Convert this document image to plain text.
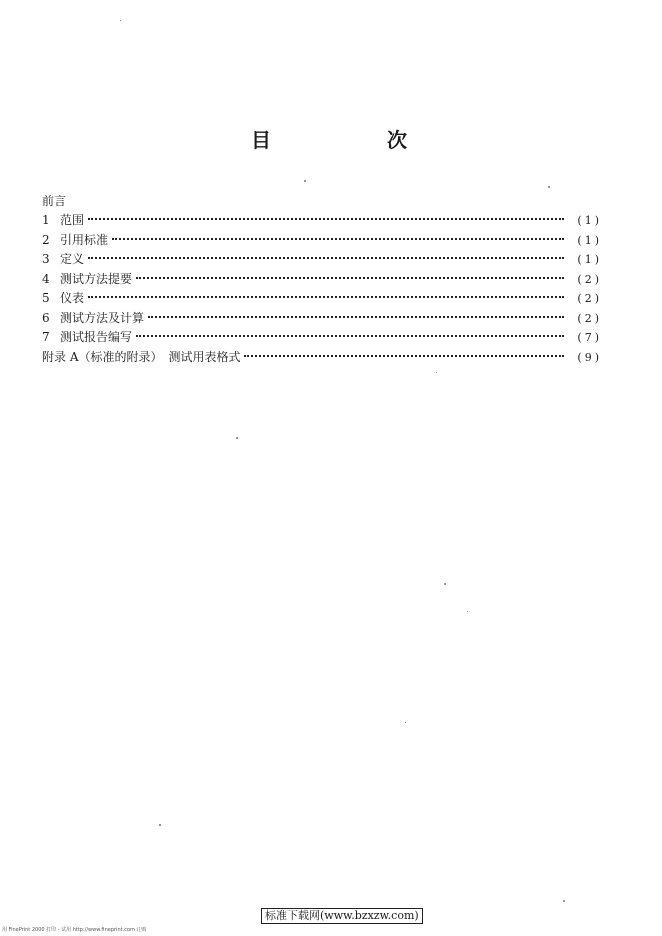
目　次
前言
1 范围	(1)
2 引用标准	(1)
3 定义	(1)
4 测试方法提要	(2)
5 仪表	(2)
6 测试方法及计算	(2)
7 测试报告编写	(7)
附录 A（标准的附录）　测试用表格式	(9)
标准下载网(www.bzxzw.com)
用 FinePrint 2000 打印 - 试用 http://www.fineprint.com 订购
